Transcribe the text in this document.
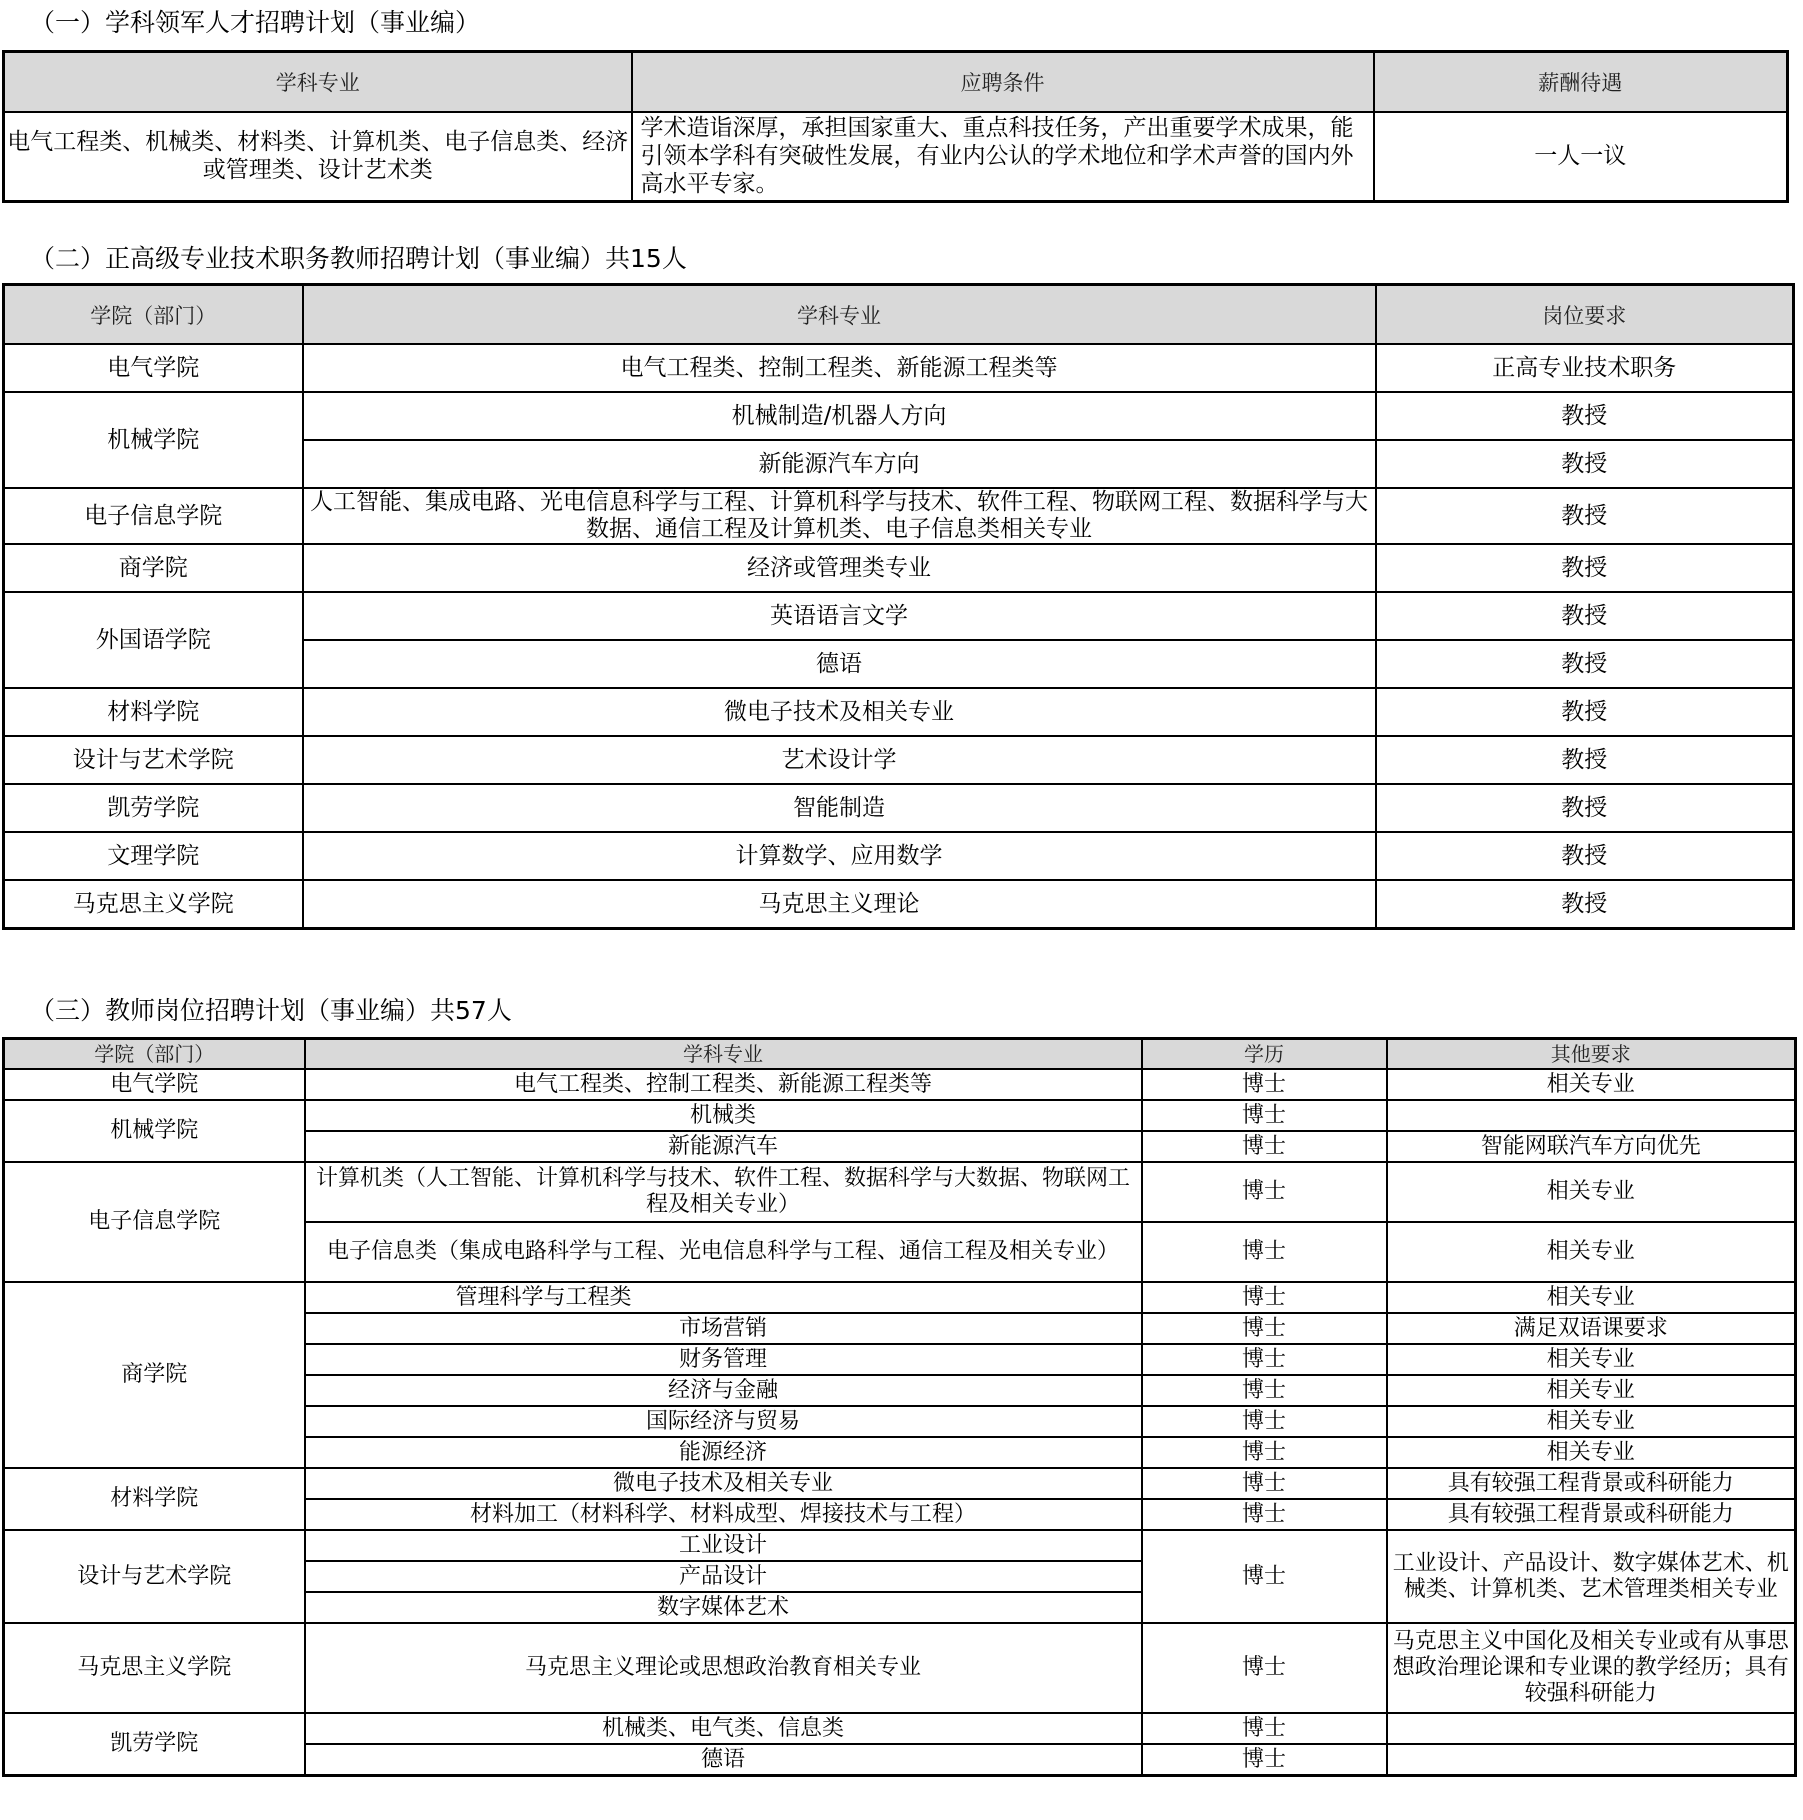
（一）学科领军人才招聘计划（事业编）
学科专业	应聘条件	薪酬待遇
电气工程类、机械类、材料类、计算机类、电子信息类、经济或管理类、设计艺术类	学术造诣深厚，承担国家重大、重点科技任务，产出重要学术成果，能引领本学科有突破性发展，有业内公认的学术地位和学术声誉的国内外高水平专家。	一人一议
（二）正高级专业技术职务教师招聘计划（事业编）共15人
学院（部门）	学科专业	岗位要求
电气学院	电气工程类、控制工程类、新能源工程类等	正高专业技术职务
机械学院	机械制造/机器人方向	教授
	新能源汽车方向	教授
电子信息学院	人工智能、集成电路、光电信息科学与工程、计算机科学与技术、软件工程、物联网工程、数据科学与大数据、通信工程及计算机类、电子信息类相关专业	教授
商学院	经济或管理类专业	教授
外国语学院	英语语言文学	教授
	德语	教授
材料学院	微电子技术及相关专业	教授
设计与艺术学院	艺术设计学	教授
凯劳学院	智能制造	教授
文理学院	计算数学、应用数学	教授
马克思主义学院	马克思主义理论	教授
（三）教师岗位招聘计划（事业编）共57人
学院（部门）	学科专业	学历	其他要求
电气学院	电气工程类、控制工程类、新能源工程类等	博士	相关专业
机械学院	机械类	博士	
	新能源汽车	博士	智能网联汽车方向优先
电子信息学院	计算机类（人工智能、计算机科学与技术、软件工程、数据科学与大数据、物联网工程及相关专业）	博士	相关专业
	电子信息类（集成电路科学与工程、光电信息科学与工程、通信工程及相关专业）	博士	相关专业
商学院	管理科学与工程类	博士	相关专业
	市场营销	博士	满足双语课要求
	财务管理	博士	相关专业
	经济与金融	博士	相关专业
	国际经济与贸易	博士	相关专业
	能源经济	博士	相关专业
材料学院	微电子技术及相关专业	博士	具有较强工程背景或科研能力
	材料加工（材料科学、材料成型、焊接技术与工程）	博士	具有较强工程背景或科研能力
设计与艺术学院	工业设计	博士	工业设计、产品设计、数字媒体艺术、机械类、计算机类、艺术管理类相关专业
	产品设计		
	数字媒体艺术		
马克思主义学院	马克思主义理论或思想政治教育相关专业	博士	马克思主义中国化及相关专业或有从事思想政治理论课和专业课的教学经历；具有较强科研能力
凯劳学院	机械类、电气类、信息类	博士	
	德语	博士	
